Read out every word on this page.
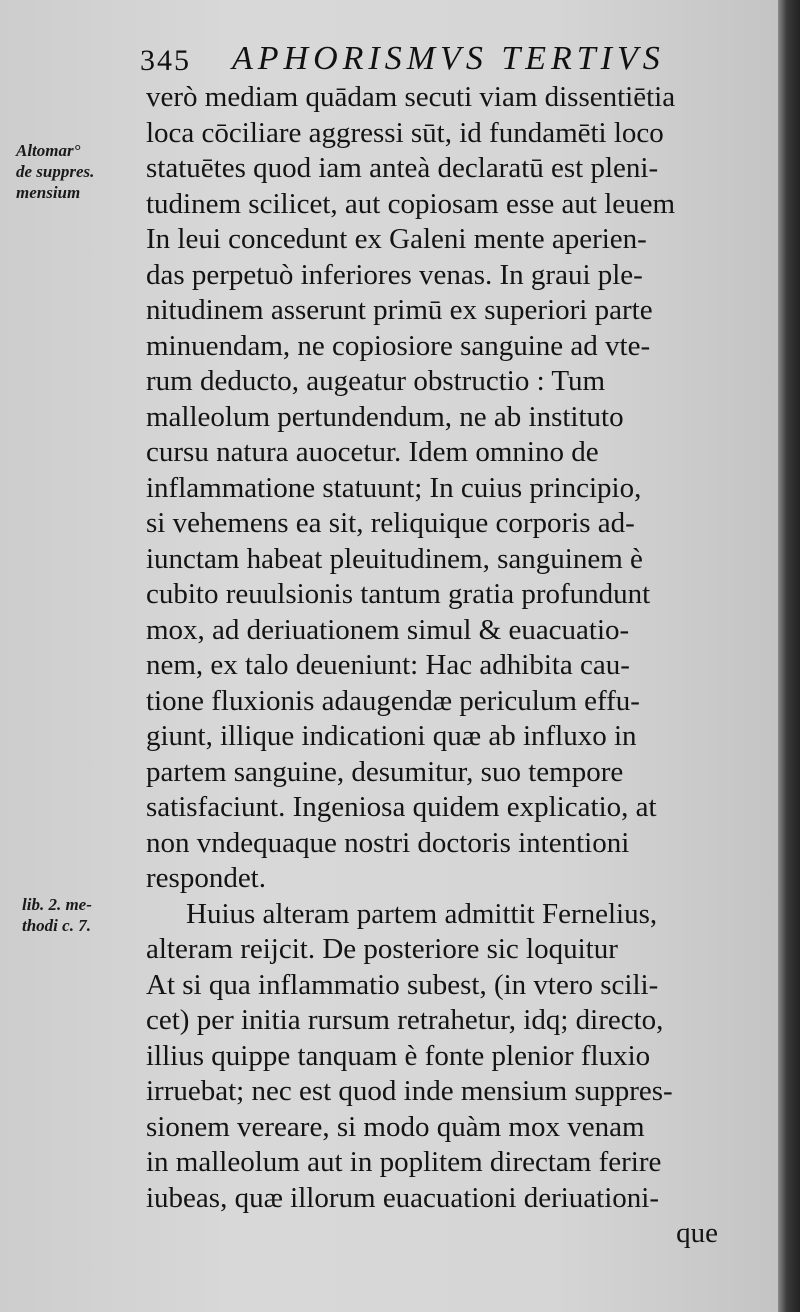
345 APHORISMVS TERTIVS
Altomar°
de suppres.
mensium
lib. 2. me-
thodi c. 7.
verò mediam quādam secuti viam dissentiētia
loca cōciliare aggressi sūt, id fundamēti loco
statuētes quod iam anteà declaratū est pleni-
tudinem scilicet, aut copiosam esse aut leuem
In leui concedunt ex Galeni mente aperien-
das perpetuò inferiores venas. In graui ple-
nitudinem asserunt primū ex superiori parte
minuendam, ne copiosiore sanguine ad vte-
rum deducto, augeatur obstructio : Tum
malleolum pertundendum, ne ab instituto
cursu natura auocetur. Idem omnino de
inflammatione statuunt; In cuius principio,
si vehemens ea sit, reliquique corporis ad-
iunctam habeat pleuitudinem, sanguinem è
cubito reuulsionis tantum gratia profundunt
mox, ad deriuationem simul & euacuatio-
nem, ex talo deueniunt: Hac adhibita cau-
tione fluxionis adaugendæ periculum effu-
giunt, illique indicationi quæ ab influxo in
partem sanguine, desumitur, suo tempore
satisfaciunt. Ingeniosa quidem explicatio, at
non vndequaque nostri doctoris intentioni
respondet.
Huius alteram partem admittit Fernelius,
alteram reijcit. De posteriore sic loquitur
At si qua inflammatio subest, (in vtero scili-
cet) per initia rursum retrahetur, idq; directo,
illius quippe tanquam è fonte plenior fluxio
irruebat; nec est quod inde mensium suppres-
sionem vereare, si modo quàm mox venam
in malleolum aut in poplitem directam ferire
iubeas, quæ illorum euacuationi deriuationi-
que
